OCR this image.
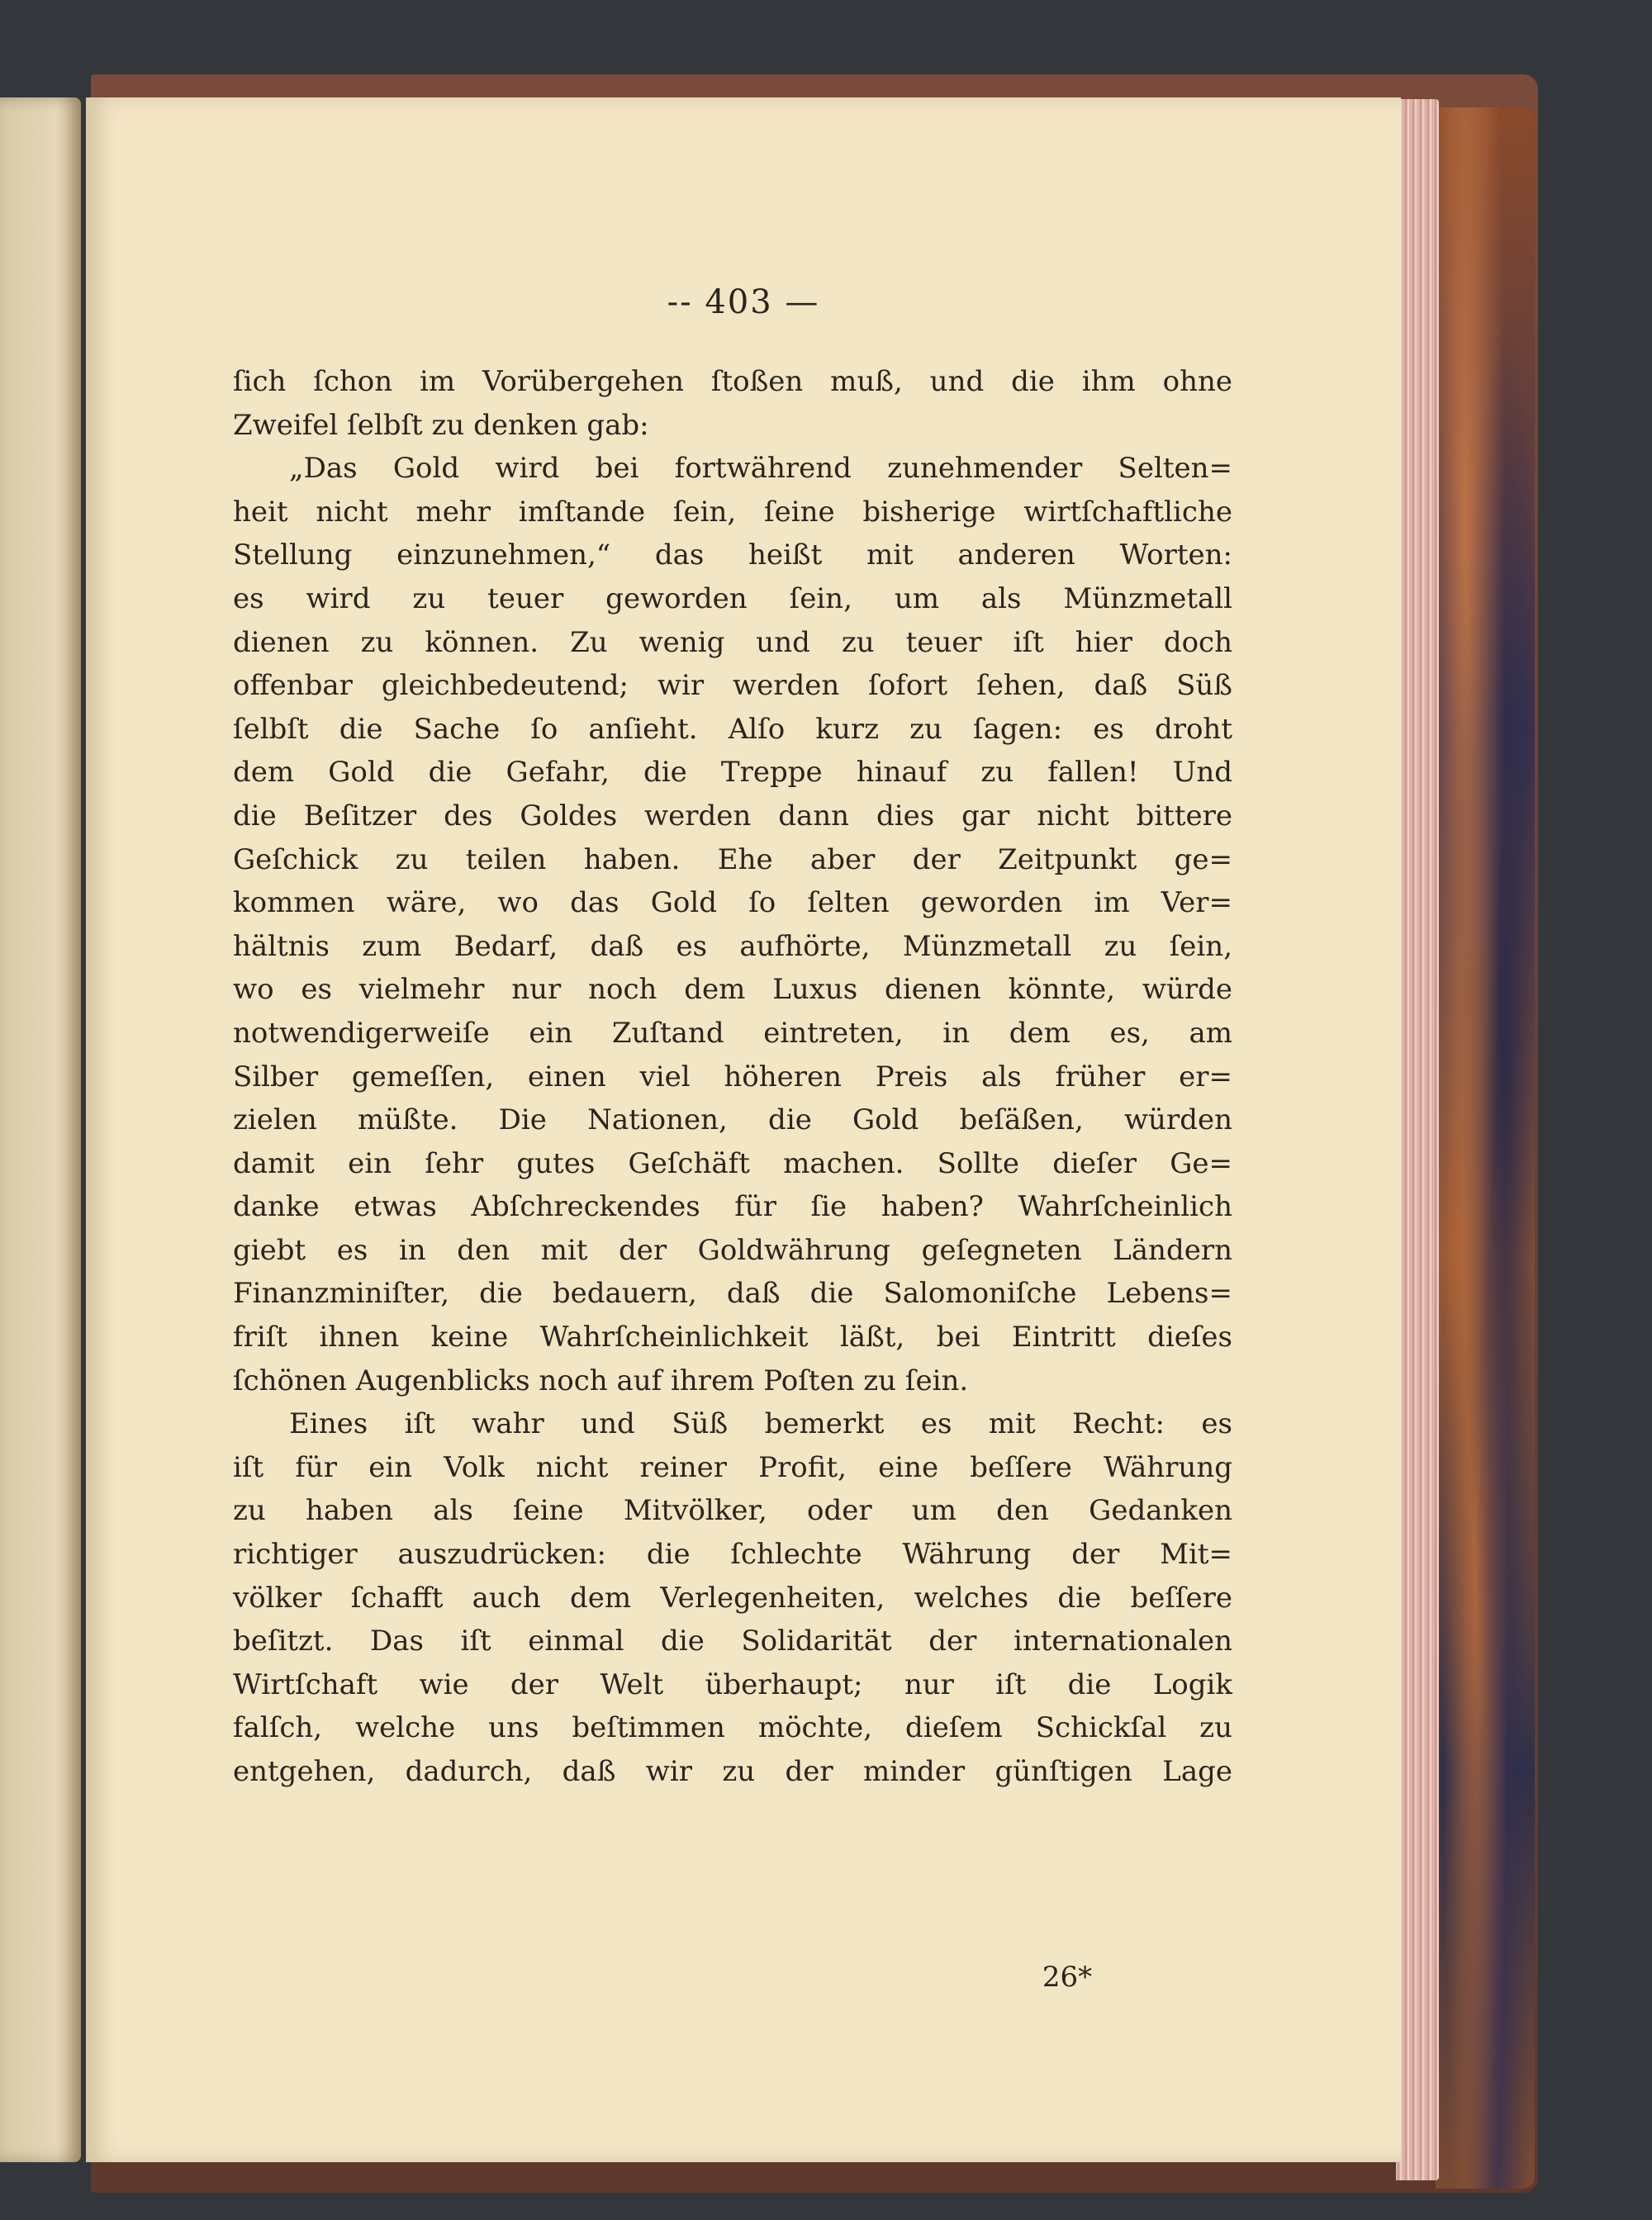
-- 403 —

ſich ſchon im Vorübergehen ſtoßen muß, und die ihm ohne
Zweifel ſelbſt zu denken gab:
„Das Gold wird bei fortwährend zunehmender Selten=
heit nicht mehr imſtande ſein, ſeine bisherige wirtſchaftliche
Stellung einzunehmen,“ das heißt mit anderen Worten:
es wird zu teuer geworden ſein, um als Münzmetall
dienen zu können. Zu wenig und zu teuer iſt hier doch
offenbar gleichbedeutend; wir werden ſofort ſehen, daß Süß
ſelbſt die Sache ſo anſieht. Alſo kurz zu ſagen: es droht
dem Gold die Gefahr, die Treppe hinauf zu fallen! Und
die Beſitzer des Goldes werden dann dies gar nicht bittere
Geſchick zu teilen haben. Ehe aber der Zeitpunkt ge=
kommen wäre, wo das Gold ſo ſelten geworden im Ver=
hältnis zum Bedarf, daß es aufhörte, Münzmetall zu ſein,
wo es vielmehr nur noch dem Luxus dienen könnte, würde
notwendigerweiſe ein Zuſtand eintreten, in dem es, am
Silber gemeſſen, einen viel höheren Preis als früher er=
zielen müßte. Die Nationen, die Gold beſäßen, würden
damit ein ſehr gutes Geſchäft machen. Sollte dieſer Ge=
danke etwas Abſchreckendes für ſie haben? Wahrſcheinlich
giebt es in den mit der Goldwährung geſegneten Ländern
Finanzminiſter, die bedauern, daß die Salomoniſche Lebens=
friſt ihnen keine Wahrſcheinlichkeit läßt, bei Eintritt dieſes
ſchönen Augenblicks noch auf ihrem Poſten zu ſein.
Eines iſt wahr und Süß bemerkt es mit Recht: es
iſt für ein Volk nicht reiner Profit, eine beſſere Währung
zu haben als ſeine Mitvölker, oder um den Gedanken
richtiger auszudrücken: die ſchlechte Währung der Mit=
völker ſchafft auch dem Verlegenheiten, welches die beſſere
beſitzt. Das iſt einmal die Solidarität der internationalen
Wirtſchaft wie der Welt überhaupt; nur iſt die Logik
falſch, welche uns beſtimmen möchte, dieſem Schickſal zu
entgehen, dadurch, daß wir zu der minder günſtigen Lage

26*
